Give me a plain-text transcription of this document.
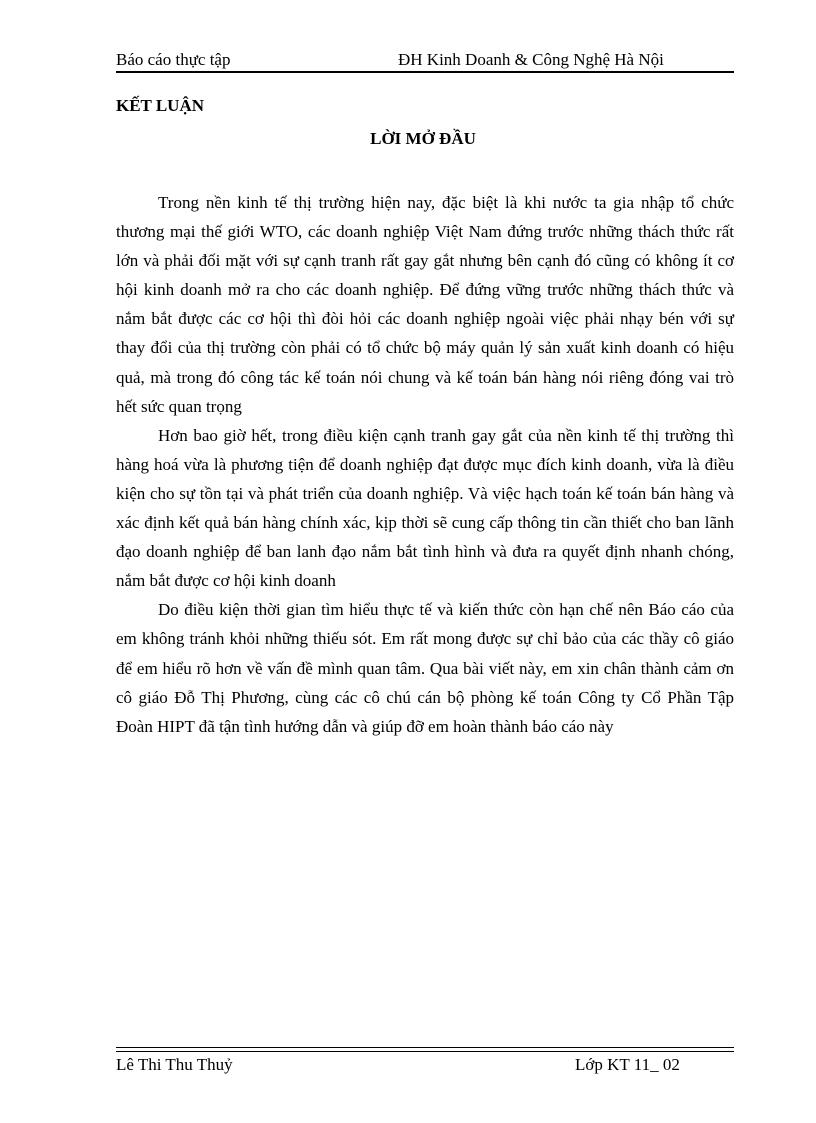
Báo cáo thực tập	ĐH Kinh Doanh & Công Nghệ Hà Nội
KẾT LUẬN
LỜI MỞ ĐẦU

Trong nền kinh tế thị trường hiện nay, đặc biệt là khi nước ta gia nhập tổ chức thương mại thế giới WTO, các doanh nghiệp Việt Nam đứng trước những thách thức rất lớn và phải đối mặt với sự cạnh tranh rất gay gắt nhưng bên cạnh đó cũng có không ít cơ hội kinh doanh mở ra cho các doanh nghiệp. Để đứng vững trước những thách thức và nắm bắt được các cơ hội thì đòi hỏi các doanh nghiệp ngoài việc phải nhạy bén với sự thay đổi của thị trường còn phải có tổ chức bộ máy quản lý sản xuất kinh doanh có hiệu quả, mà trong đó công tác kế toán nói chung và kế toán bán hàng nói riêng đóng vai trò hết sức quan trọng

Hơn bao giờ hết, trong điều kiện cạnh tranh gay gắt của nền kinh tế thị trường thì hàng hoá vừa là phương tiện để doanh nghiệp đạt được mục đích kinh doanh, vừa là điều kiện cho sự tồn tại và phát triển của doanh nghiệp. Và việc hạch toán kế toán bán hàng và xác định kết quả bán hàng chính xác, kịp thời sẽ cung cấp thông tin cần thiết cho ban lãnh đạo doanh nghiệp để ban lanh đạo nắm bắt tình hình và đưa ra quyết định nhanh chóng, nắm bắt được cơ hội kinh doanh

Do điều kiện thời gian tìm hiểu thực tế và kiến thức còn hạn chế nên Báo cáo của em không tránh khỏi những thiếu sót. Em rất mong được sự chỉ bảo của các thầy cô giáo để em hiểu rõ hơn về vấn đề mình quan tâm. Qua bài viết này, em xin chân thành cảm ơn cô giáo Đỗ Thị Phương, cùng các cô chú cán bộ phòng kế toán Công ty Cổ Phần Tập Đoàn HIPT đã tận tình hướng dẫn và giúp đỡ em hoàn thành báo cáo này

Lê Thi Thu Thuỷ	Lớp KT 11_ 02
